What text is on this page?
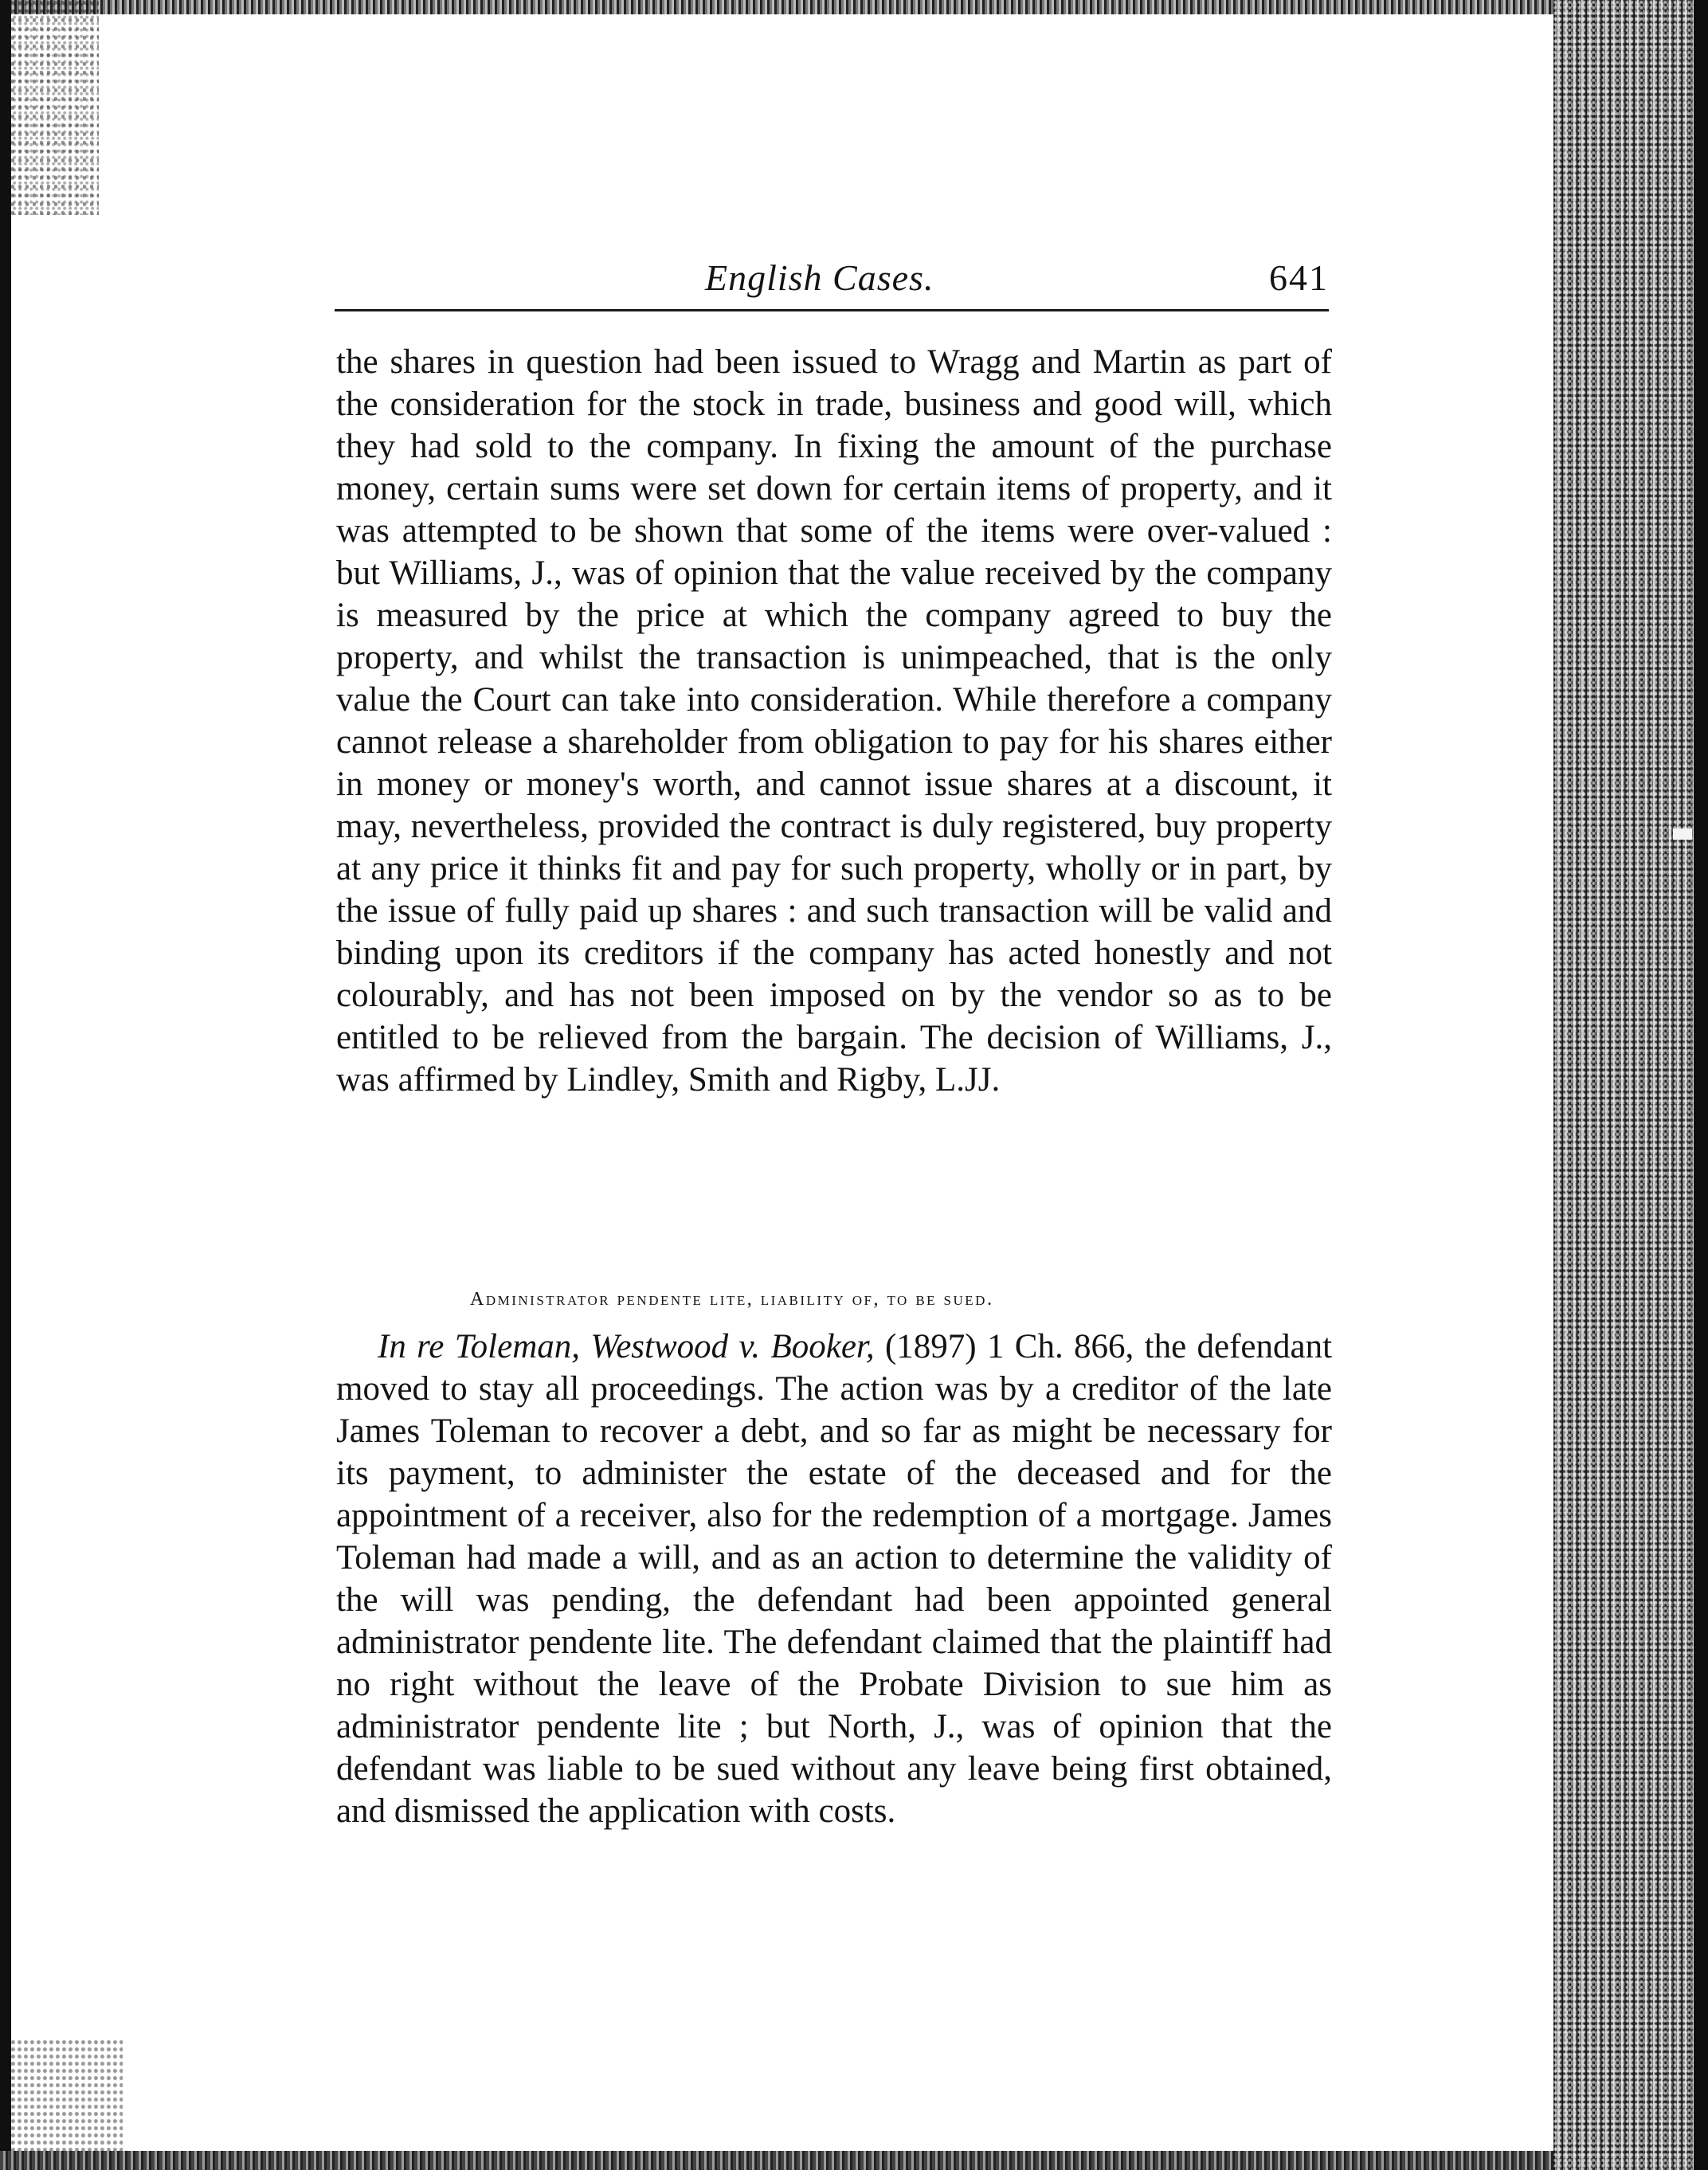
English Cases.	641

the shares in question had been issued to Wragg and Martin as part of the consideration for the stock in trade, business and good will, which they had sold to the company. In fixing the amount of the purchase money, certain sums were set down for certain items of property, and it was attempted to be shown that some of the items were over-valued : but Williams, J., was of opinion that the value received by the company is measured by the price at which the company agreed to buy the property, and whilst the transaction is unimpeached, that is the only value the Court can take into consideration. While therefore a company cannot release a shareholder from obligation to pay for his shares either in money or money's worth, and cannot issue shares at a discount, it may, nevertheless, provided the contract is duly registered, buy property at any price it thinks fit and pay for such property, wholly or in part, by the issue of fully paid up shares : and such transaction will be valid and binding upon its creditors if the company has acted honestly and not colourably, and has not been imposed on by the vendor so as to be entitled to be relieved from the bargain. The decision of Williams, J., was affirmed by Lindley, Smith and Rigby, L.JJ.

Administrator pendente lite, liability of, to be sued.

In re Toleman, Westwood v. Booker, (1897) 1 Ch. 866, the defendant moved to stay all proceedings. The action was by a creditor of the late James Toleman to recover a debt, and so far as might be necessary for its payment, to administer the estate of the deceased and for the appointment of a receiver, also for the redemption of a mortgage. James Toleman had made a will, and as an action to determine the validity of the will was pending, the defendant had been appointed general administrator pendente lite. The defendant claimed that the plaintiff had no right without the leave of the Probate Division to sue him as administrator pendente lite ; but North, J., was of opinion that the defendant was liable to be sued without any leave being first obtained, and dismissed the application with costs.
